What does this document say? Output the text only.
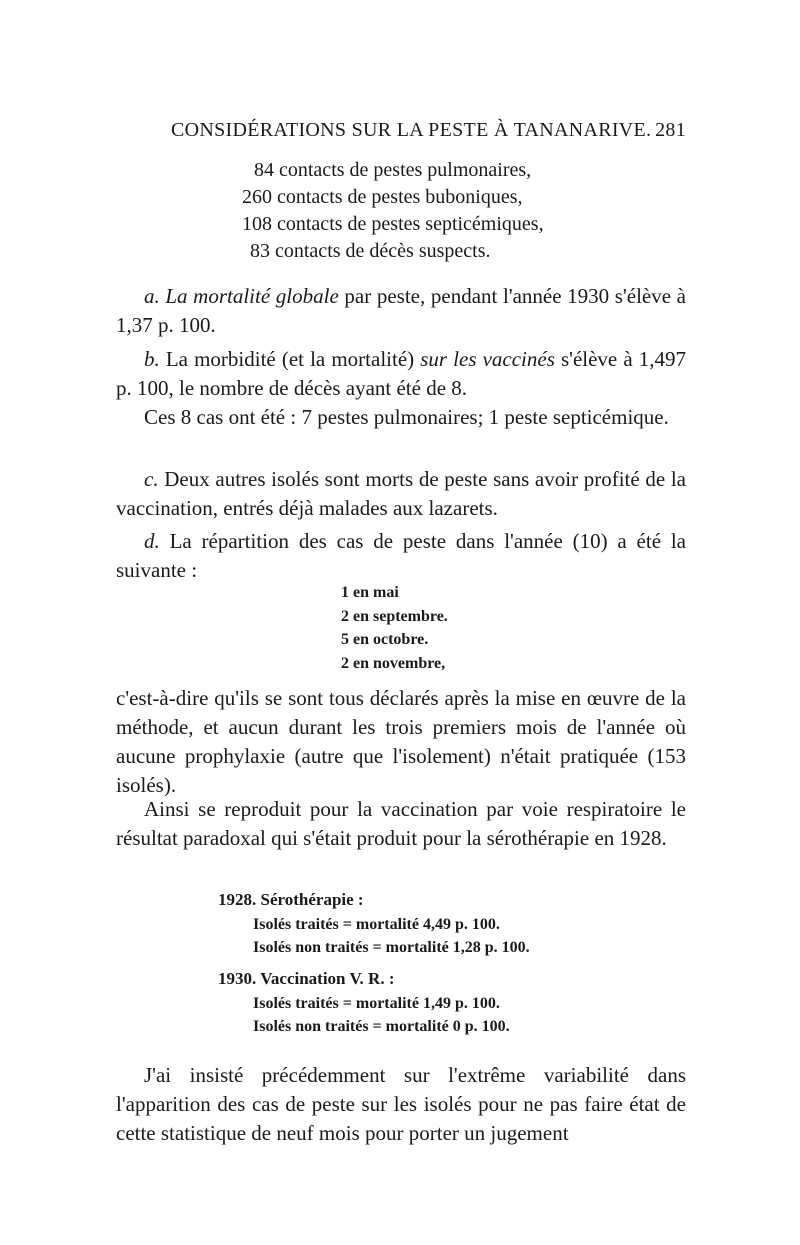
CONSIDÉRATIONS SUR LA PESTE À TANANARIVE. 281
84 contacts de pestes pulmonaires,
260 contacts de pestes buboniques,
108 contacts de pestes septicémiques,
83 contacts de décès suspects.

a. La mortalité globale par peste, pendant l'année 1930 s'élève à 1,37 p. 100.

b. La morbidité (et la mortalité) sur les vaccinés s'élève à 1,497 p. 100, le nombre de décès ayant été de 8.

Ces 8 cas ont été : 7 pestes pulmonaires; 1 peste septicémique.

c. Deux autres isolés sont morts de peste sans avoir profité de la vaccination, entrés déjà malades aux lazarets.

d. La répartition des cas de peste dans l'année (10) a été la suivante :

1 en mai
2 en septembre.
5 en octobre.
2 en novembre,

c'est-à-dire qu'ils se sont tous déclarés après la mise en œuvre de la méthode, et aucun durant les trois premiers mois de l'année où aucune prophylaxie (autre que l'isolement) n'était pratiquée (153 isolés).

Ainsi se reproduit pour la vaccination par voie respiratoire le résultat paradoxal qui s'était produit pour la sérothérapie en 1928.

1928. Sérothérapie :
Isolés traités = mortalité 4,49 p. 100.
Isolés non traités = mortalité 1,28 p. 100.
1930. Vaccination V. R. :
Isolés traités = mortalité 1,49 p. 100.
Isolés non traités = mortalité 0 p. 100.

J'ai insisté précédemment sur l'extrême variabilité dans l'apparition des cas de peste sur les isolés pour ne pas faire état de cette statistique de neuf mois pour porter un jugement
